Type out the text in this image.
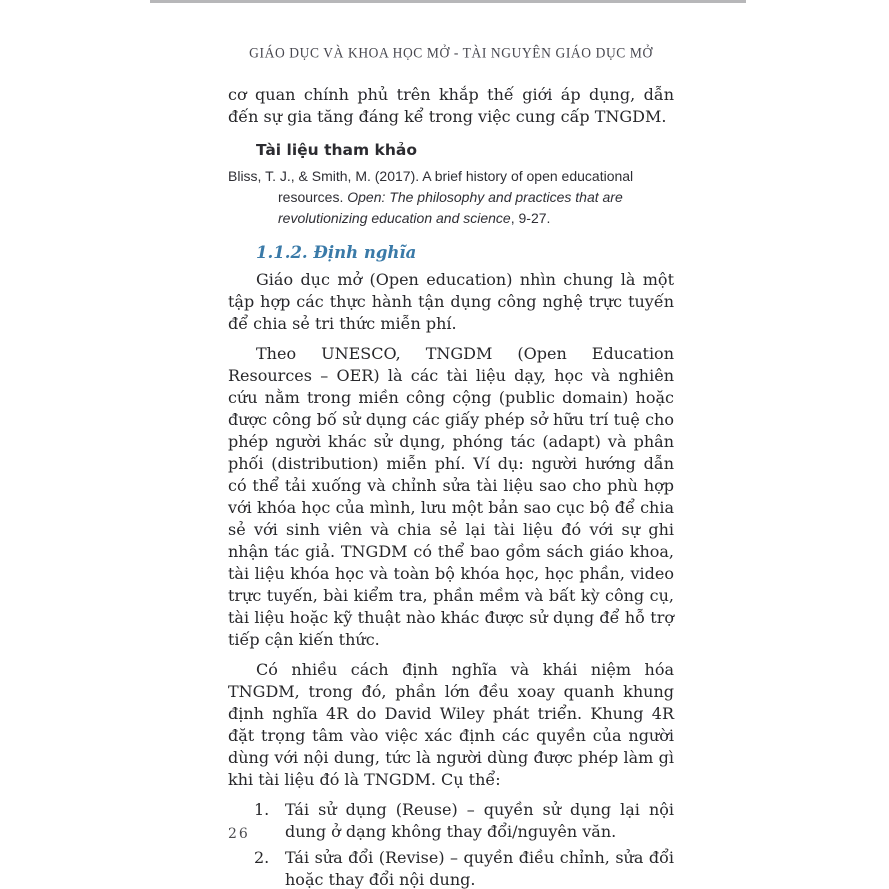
GIÁO DỤC VÀ KHOA HỌC MỞ - TÀI NGUYÊN GIÁO DỤC MỞ

cơ quan chính phủ trên khắp thế giới áp dụng, dẫn đến sự gia tăng đáng kể trong việc cung cấp TNGDM.

Tài liệu tham khảo

Bliss, T. J., & Smith, M. (2017). A brief history of open educational resources. Open: The philosophy and practices that are revolutionizing education and science, 9-27.

1.1.2. Định nghĩa

Giáo dục mở (Open education) nhìn chung là một tập hợp các thực hành tận dụng công nghệ trực tuyến để chia sẻ tri thức miễn phí.

Theo UNESCO, TNGDM (Open Education Resources – OER) là các tài liệu dạy, học và nghiên cứu nằm trong miền công cộng (public domain) hoặc được công bố sử dụng các giấy phép sở hữu trí tuệ cho phép người khác sử dụng, phóng tác (adapt) và phân phối (distribution) miễn phí. Ví dụ: người hướng dẫn có thể tải xuống và chỉnh sửa tài liệu sao cho phù hợp với khóa học của mình, lưu một bản sao cục bộ để chia sẻ với sinh viên và chia sẻ lại tài liệu đó với sự ghi nhận tác giả. TNGDM có thể bao gồm sách giáo khoa, tài liệu khóa học và toàn bộ khóa học, học phần, video trực tuyến, bài kiểm tra, phần mềm và bất kỳ công cụ, tài liệu hoặc kỹ thuật nào khác được sử dụng để hỗ trợ tiếp cận kiến thức.

Có nhiều cách định nghĩa và khái niệm hóa TNGDM, trong đó, phần lớn đều xoay quanh khung định nghĩa 4R do David Wiley phát triển. Khung 4R đặt trọng tâm vào việc xác định các quyền của người dùng với nội dung, tức là người dùng được phép làm gì khi tài liệu đó là TNGDM. Cụ thể:

1. Tái sử dụng (Reuse) – quyền sử dụng lại nội dung ở dạng không thay đổi/nguyên văn.
2. Tái sửa đổi (Revise) – quyền điều chỉnh, sửa đổi hoặc thay đổi nội dung.
26
